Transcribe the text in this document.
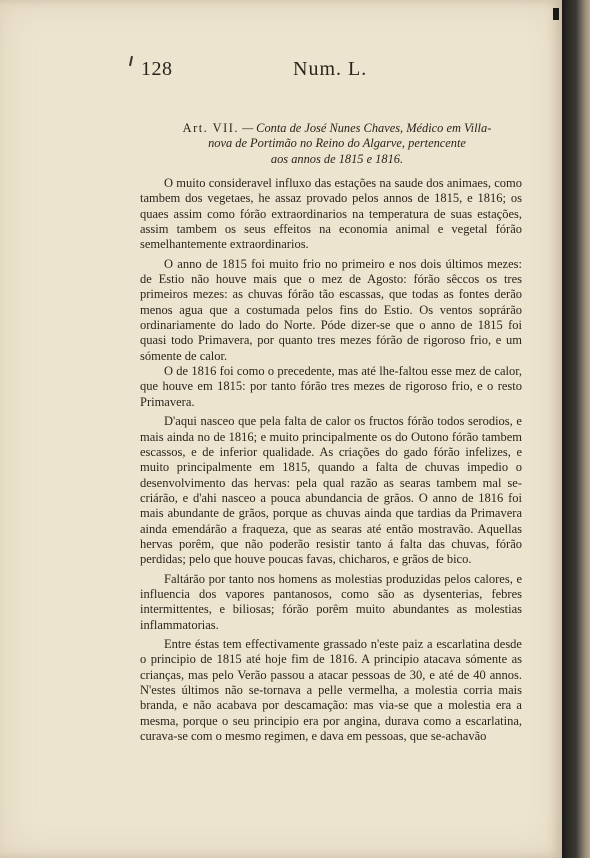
128	Num. L.
Art. VII. — Conta de José Nunes Chaves, Médico em Villa-
nova de Portimão no Reino do Algarve, pertencente
aos annos de 1815 e 1816.

O muito consideravel influxo das estações na saude dos animaes, como tambem dos vegetaes, he assaz provado pelos annos de 1815, e 1816; os quaes assim como fórão extraordinarios na temperatura de suas estações, assim tambem os seus effeitos na economia animal e vegetal fórão semelhantemente extraordinarios.

O anno de 1815 foi muito frio no primeiro e nos dois últimos mezes: de Estio não houve mais que o mez de Agosto: fórão sêccos os tres primeiros mezes: as chuvas fórão tão escassas, que todas as fontes derão menos agua que a costumada pelos fins do Estio. Os ventos soprárão ordinariamente do lado do Norte. Póde dizer-se que o anno de 1815 foi quasi todo Primavera, por quanto tres mezes fórão de rigoroso frio, e um sómente de calor.

O de 1816 foi como o precedente, mas até lhe-faltou esse mez de calor, que houve em 1815: por tanto fórão tres mezes de rigoroso frio, e o resto Primavera.

D'aqui nasceo que pela falta de calor os fructos fórão todos serodios, e mais ainda no de 1816; e muito principalmente os do Outono fórão tambem escassos, e de inferior qualidade. As criações do gado fórão infelizes, e muito principalmente em 1815, quando a falta de chuvas impedio o desenvolvimento das hervas: pela qual razão as searas tambem mal se-criárão, e d'ahi nasceo a pouca abundancia de grãos. O anno de 1816 foi mais abundante de grãos, porque as chuvas ainda que tardias da Primavera ainda emendárão a fraqueza, que as searas até então mostravão. Aquellas hervas porêm, que não poderão resistir tanto á falta das chuvas, fórão perdidas; pelo que houve poucas favas, chicharos, e grãos de bico.

Faltárão por tanto nos homens as molestias produzidas pelos calores, e influencia dos vapores pantanosos, como são as dysenterias, febres intermittentes, e biliosas; fórão porêm muito abundantes as molestias inflammatorias.

Entre éstas tem effectivamente grassado n'este paiz a escarlatina desde o principio de 1815 até hoje fim de 1816. A principio atacava sómente as crianças, mas pelo Verão passou a atacar pessoas de 30, e até de 40 annos. N'estes últimos não se-tornava a pelle vermelha, a molestia corria mais branda, e não acabava por descamação: mas via-se que a molestia era a mesma, porque o seu principio era por angina, durava como a escarlatina, curava-se com o mesmo regimen, e dava em pessoas, que se-achavão
